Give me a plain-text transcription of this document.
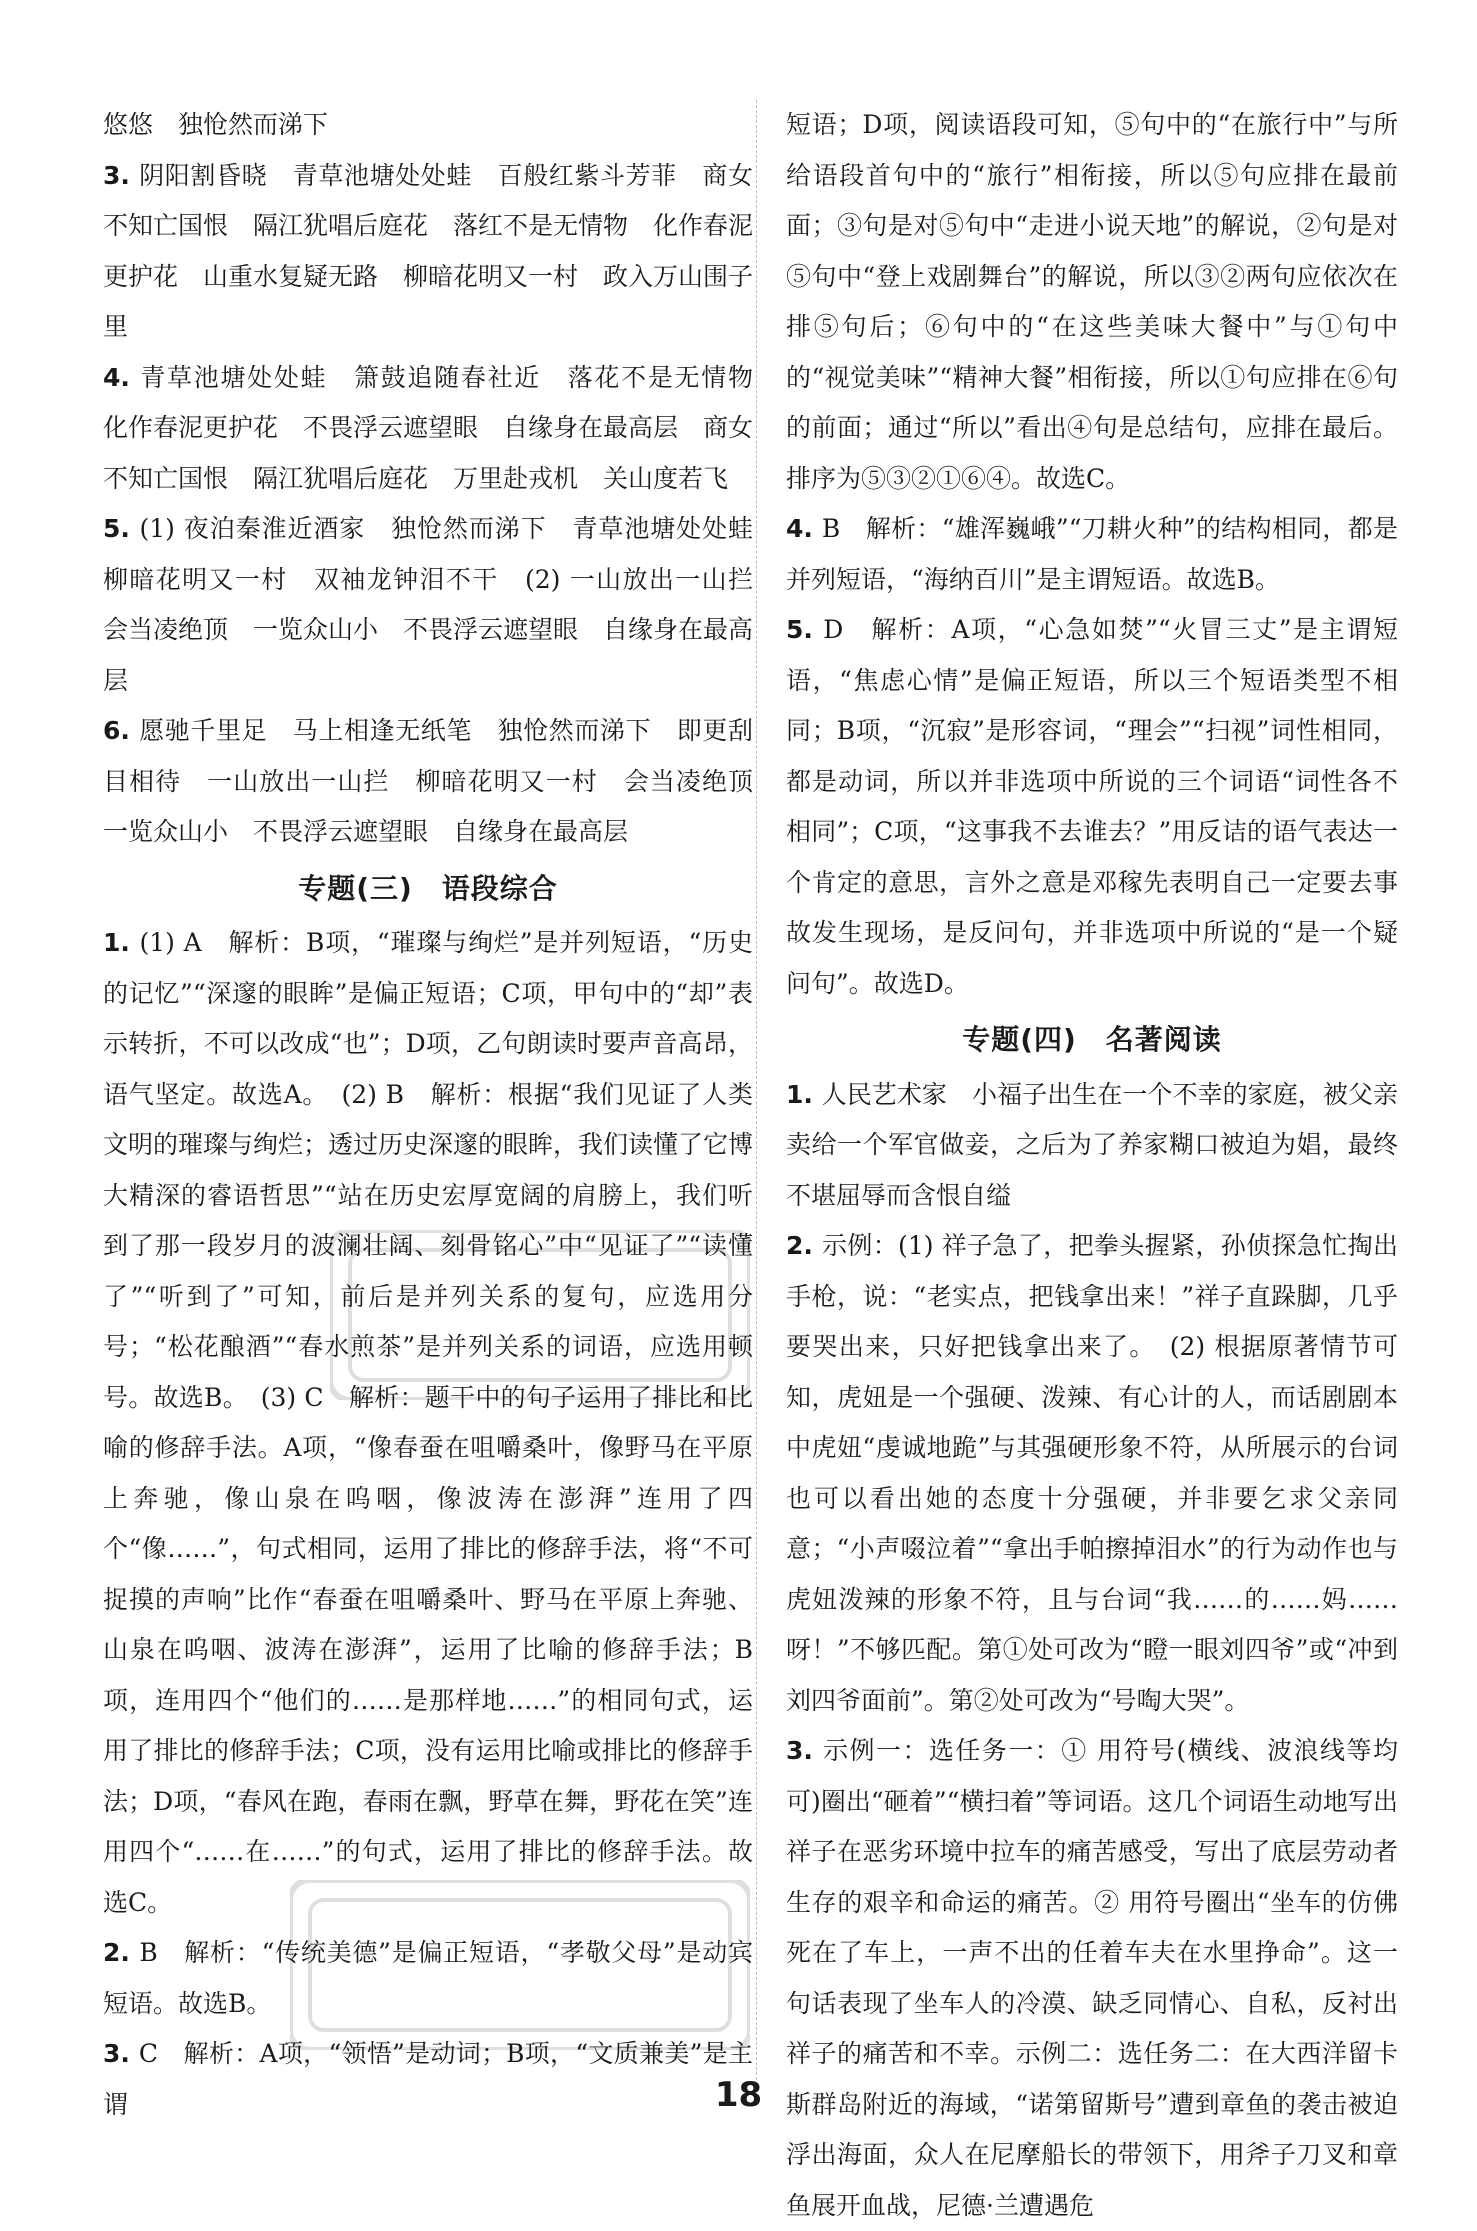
悠悠　独怆然而涕下

3. 阴阳割昏晓　青草池塘处处蛙　百般红紫斗芳菲　商女不知亡国恨　隔江犹唱后庭花　落红不是无情物　化作春泥更护花　山重水复疑无路　柳暗花明又一村　政入万山围子里

4. 青草池塘处处蛙　箫鼓追随春社近　落花不是无情物　化作春泥更护花　不畏浮云遮望眼　自缘身在最高层　商女不知亡国恨　隔江犹唱后庭花　万里赴戎机　关山度若飞

5. (1) 夜泊秦淮近酒家　独怆然而涕下　青草池塘处处蛙　柳暗花明又一村　双袖龙钟泪不干　(2) 一山放出一山拦　会当凌绝顶　一览众山小　不畏浮云遮望眼　自缘身在最高层

6. 愿驰千里足　马上相逢无纸笔　独怆然而涕下　即更刮目相待　一山放出一山拦　柳暗花明又一村　会当凌绝顶　一览众山小　不畏浮云遮望眼　自缘身在最高层

专题(三)　语段综合

1. (1) A　解析：B项，“璀璨与绚烂”是并列短语，“历史的记忆”“深邃的眼眸”是偏正短语；C项，甲句中的“却”表示转折，不可以改成“也”；D项，乙句朗读时要声音高昂，语气坚定。故选A。　(2) B　解析：根据“我们见证了人类文明的璀璨与绚烂；透过历史深邃的眼眸，我们读懂了它博大精深的睿语哲思”“站在历史宏厚宽阔的肩膀上，我们听到了那一段岁月的波澜壮阔、刻骨铭心”中“见证了”“读懂了”“听到了”可知，前后是并列关系的复句，应选用分号；“松花酿酒”“春水煎茶”是并列关系的词语，应选用顿号。故选B。　(3) C　解析：题干中的句子运用了排比和比喻的修辞手法。A项，“像春蚕在咀嚼桑叶，像野马在平原上奔驰，像山泉在呜咽，像波涛在澎湃”连用了四个“像……”，句式相同，运用了排比的修辞手法，将“不可捉摸的声响”比作“春蚕在咀嚼桑叶、野马在平原上奔驰、山泉在呜咽、波涛在澎湃”，运用了比喻的修辞手法；B项，连用四个“他们的……是那样地……”的相同句式，运用了排比的修辞手法；C项，没有运用比喻或排比的修辞手法；D项，“春风在跑，春雨在飘，野草在舞，野花在笑”连用四个“……在……”的句式，运用了排比的修辞手法。故选C。

2. B　解析：“传统美德”是偏正短语，“孝敬父母”是动宾短语。故选B。

3. C　解析：A项，“领悟”是动词；B项，“文质兼美”是主谓

短语；D项，阅读语段可知，⑤句中的“在旅行中”与所给语段首句中的“旅行”相衔接，所以⑤句应排在最前面；③句是对⑤句中“走进小说天地”的解说，②句是对⑤句中“登上戏剧舞台”的解说，所以③②两句应依次在排⑤句后；⑥句中的“在这些美味大餐中”与①句中的“视觉美味”“精神大餐”相衔接，所以①句应排在⑥句的前面；通过“所以”看出④句是总结句，应排在最后。排序为⑤③②①⑥④。故选C。

4. B　解析：“雄浑巍峨”“刀耕火种”的结构相同，都是并列短语，“海纳百川”是主谓短语。故选B。

5. D　解析：A项，“心急如焚”“火冒三丈”是主谓短语，“焦虑心情”是偏正短语，所以三个短语类型不相同；B项，“沉寂”是形容词，“理会”“扫视”词性相同，都是动词，所以并非选项中所说的三个词语“词性各不相同”；C项，“这事我不去谁去？”用反诘的语气表达一个肯定的意思，言外之意是邓稼先表明自己一定要去事故发生现场，是反问句，并非选项中所说的“是一个疑问句”。故选D。

专题(四)　名著阅读

1. 人民艺术家　小福子出生在一个不幸的家庭，被父亲卖给一个军官做妾，之后为了养家糊口被迫为娼，最终不堪屈辱而含恨自缢

2. 示例：(1) 祥子急了，把拳头握紧，孙侦探急忙掏出手枪，说：“老实点，把钱拿出来！”祥子直跺脚，几乎要哭出来，只好把钱拿出来了。　(2) 根据原著情节可知，虎妞是一个强硬、泼辣、有心计的人，而话剧剧本中虎妞“虔诚地跪”与其强硬形象不符，从所展示的台词也可以看出她的态度十分强硬，并非要乞求父亲同意；“小声啜泣着”“拿出手帕擦掉泪水”的行为动作也与虎妞泼辣的形象不符，且与台词“我……的……妈……呀！”不够匹配。第①处可改为“瞪一眼刘四爷”或“冲到刘四爷面前”。第②处可改为“号啕大哭”。

3. 示例一：选任务一：① 用符号(横线、波浪线等均可)圈出“砸着”“横扫着”等词语。这几个词语生动地写出祥子在恶劣环境中拉车的痛苦感受，写出了底层劳动者生存的艰辛和命运的痛苦。② 用符号圈出“坐车的仿佛死在了车上，一声不出的任着车夫在水里挣命”。这一句话表现了坐车人的冷漠、缺乏同情心、自私，反衬出祥子的痛苦和不幸。示例二：选任务二：在大西洋留卡斯群岛附近的海域，“诺第留斯号”遭到章鱼的袭击被迫浮出海面，众人在尼摩船长的带领下，用斧子刀叉和章鱼展开血战，尼德·兰遭遇危

18
